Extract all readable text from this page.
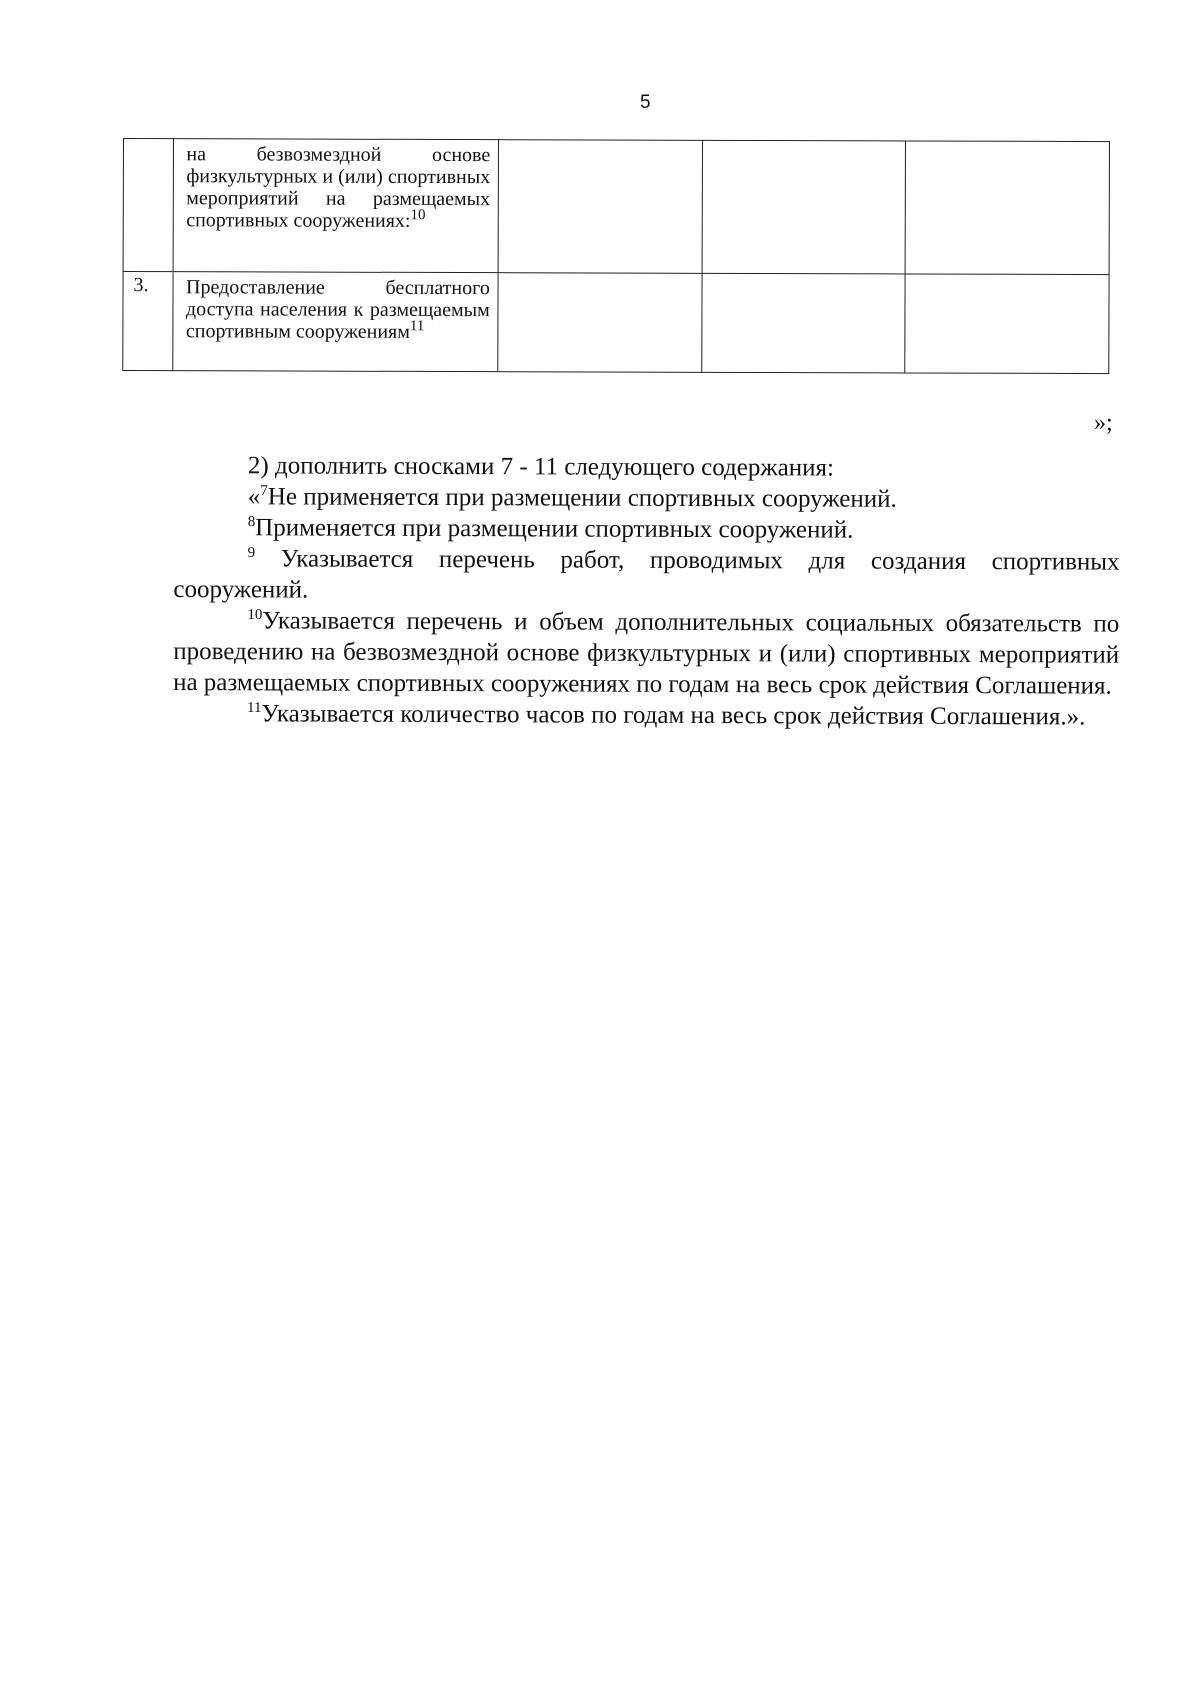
5
	на безвозмездной основе физкультурных и (или) спортивных мероприятий на размещаемых спортивных сооружениях:$^{10}$			
3.	Предоставление бесплатного доступа населения к размещаемым спортивным сооружениям$^{11}$			
»;

2) дополнить сносками 7 - 11 следующего содержания:

«$^7$Не применяется при размещении спортивных сооружений.

$^8$Применяется при размещении спортивных сооружений.

$^9$ Указывается перечень работ, проводимых для создания спортивных сооружений.

$^{10}$Указывается перечень и объем дополнительных социальных обязательств по проведению на безвозмездной основе физкультурных и (или) спортивных мероприятий на размещаемых спортивных сооружениях по годам на весь срок действия Соглашения.

$^{11}$Указывается количество часов по годам на весь срок действия Соглашения.».
